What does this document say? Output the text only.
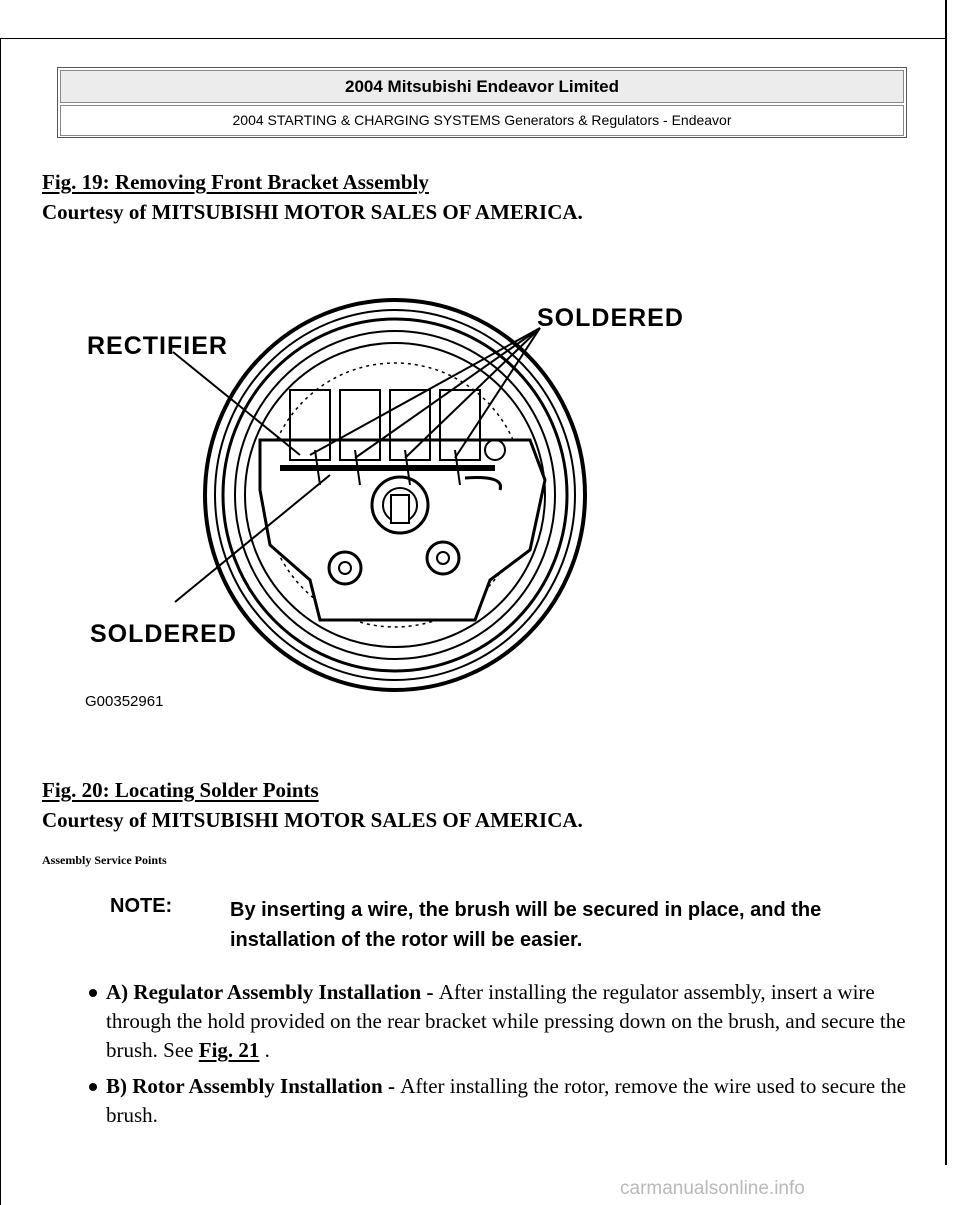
2004 Mitsubishi Endeavor Limited
2004 STARTING & CHARGING SYSTEMS Generators & Regulators - Endeavor
Fig. 19: Removing Front Bracket Assembly
Courtesy of MITSUBISHI MOTOR SALES OF AMERICA.
RECTIFIER
SOLDERED
SOLDERED
G00352961
Fig. 20: Locating Solder Points
Courtesy of MITSUBISHI MOTOR SALES OF AMERICA.
Assembly Service Points
NOTE:	By inserting a wire, the brush will be secured in place, and the installation of the rotor will be easier.
A) Regulator Assembly Installation - After installing the regulator assembly, insert a wire through the hold provided on the rear bracket while pressing down on the brush, and secure the brush. See Fig. 21 .
B) Rotor Assembly Installation - After installing the rotor, remove the wire used to secure the brush.
carmanualsonline.info
